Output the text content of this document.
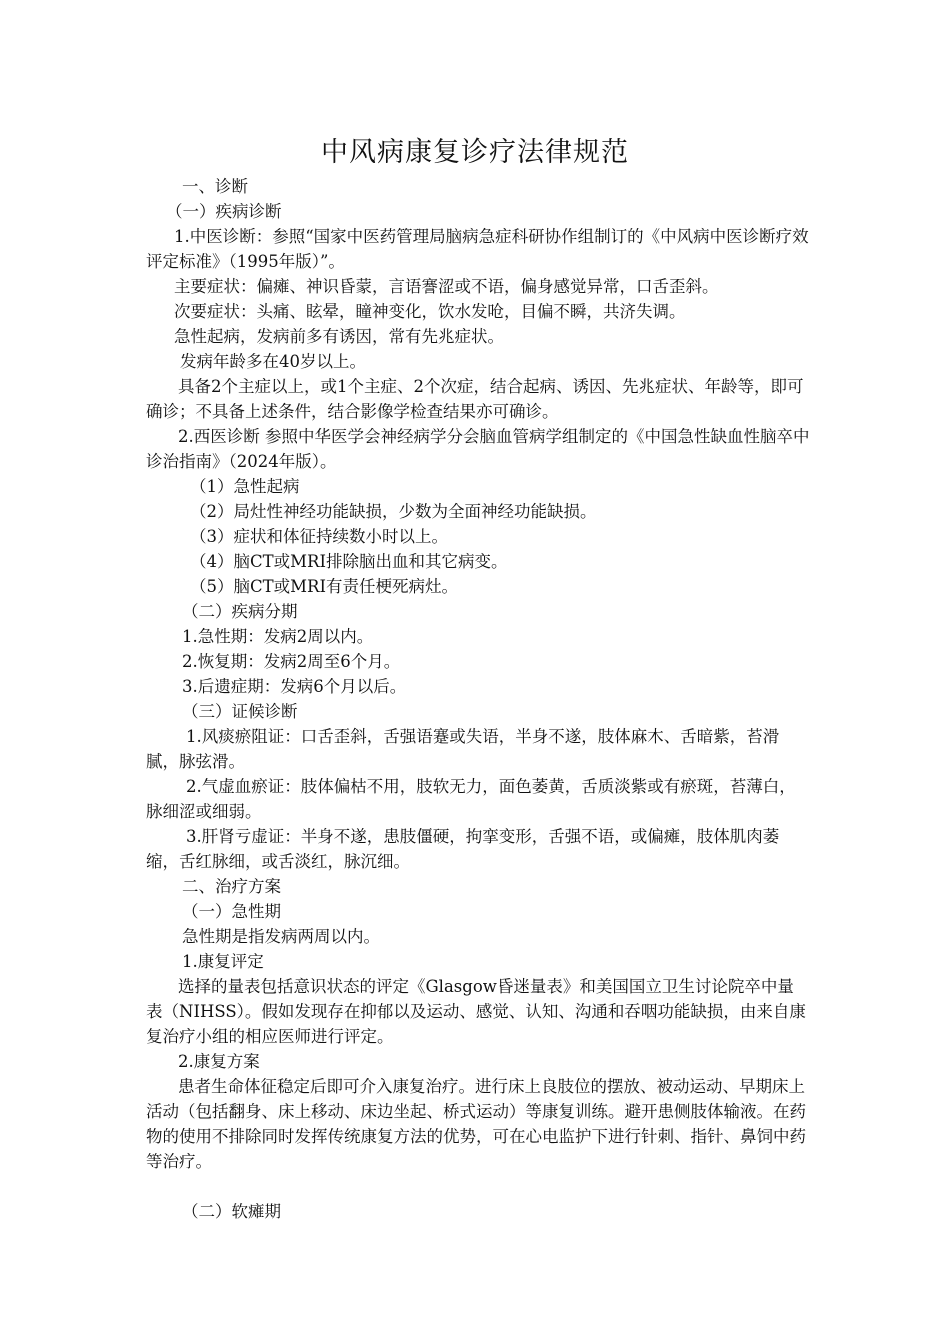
中风病康复诊疗法律规范

一、诊断

（一）疾病诊断

1.中医诊断：参照“国家中医药管理局脑病急症科研协作组制订的《中风病中医诊断疗效评定标准》（1995年版）”。

主要症状：偏瘫、神识昏蒙，言语謇涩或不语，偏身感觉异常，口舌歪斜。

次要症状：头痛、眩晕，瞳神变化，饮水发呛，目偏不瞬，共济失调。

急性起病，发病前多有诱因，常有先兆症状。

发病年龄多在40岁以上。

具备2个主症以上，或1个主症、2个次症，结合起病、诱因、先兆症状、年龄等，即可确诊；不具备上述条件，结合影像学检查结果亦可确诊。

2.西医诊断 参照中华医学会神经病学分会脑血管病学组制定的《中国急性缺血性脑卒中诊治指南》（2024年版）。

（1）急性起病

（2）局灶性神经功能缺损，少数为全面神经功能缺损。

（3）症状和体征持续数小时以上。

（4）脑CT或MRI排除脑出血和其它病变。

（5）脑CT或MRI有责任梗死病灶。

（二）疾病分期

1.急性期：发病2周以内。

2.恢复期：发病2周至6个月。

3.后遗症期：发病6个月以后。

（三）证候诊断

1.风痰瘀阻证：口舌歪斜，舌强语蹇或失语，半身不遂，肢体麻木、舌暗紫，苔滑腻，脉弦滑。

2.气虚血瘀证：肢体偏枯不用，肢软无力，面色萎黄，舌质淡紫或有瘀斑，苔薄白，脉细涩或细弱。

3.肝肾亏虚证：半身不遂，患肢僵硬，拘挛变形，舌强不语，或偏瘫，肢体肌肉萎缩，舌红脉细，或舌淡红，脉沉细。

二、治疗方案

（一）急性期

急性期是指发病两周以内。

1.康复评定

选择的量表包括意识状态的评定《Glasgow昏迷量表》和美国国立卫生讨论院卒中量表（NIHSS）。假如发现存在抑郁以及运动、感觉、认知、沟通和吞咽功能缺损，由来自康复治疗小组的相应医师进行评定。

2.康复方案

患者生命体征稳定后即可介入康复治疗。进行床上良肢位的摆放、被动运动、早期床上活动（包括翻身、床上移动、床边坐起、桥式运动）等康复训练。避开患侧肢体输液。在药物的使用不排除同时发挥传统康复方法的优势，可在心电监护下进行针刺、指针、鼻饲中药等治疗。

（二）软瘫期
